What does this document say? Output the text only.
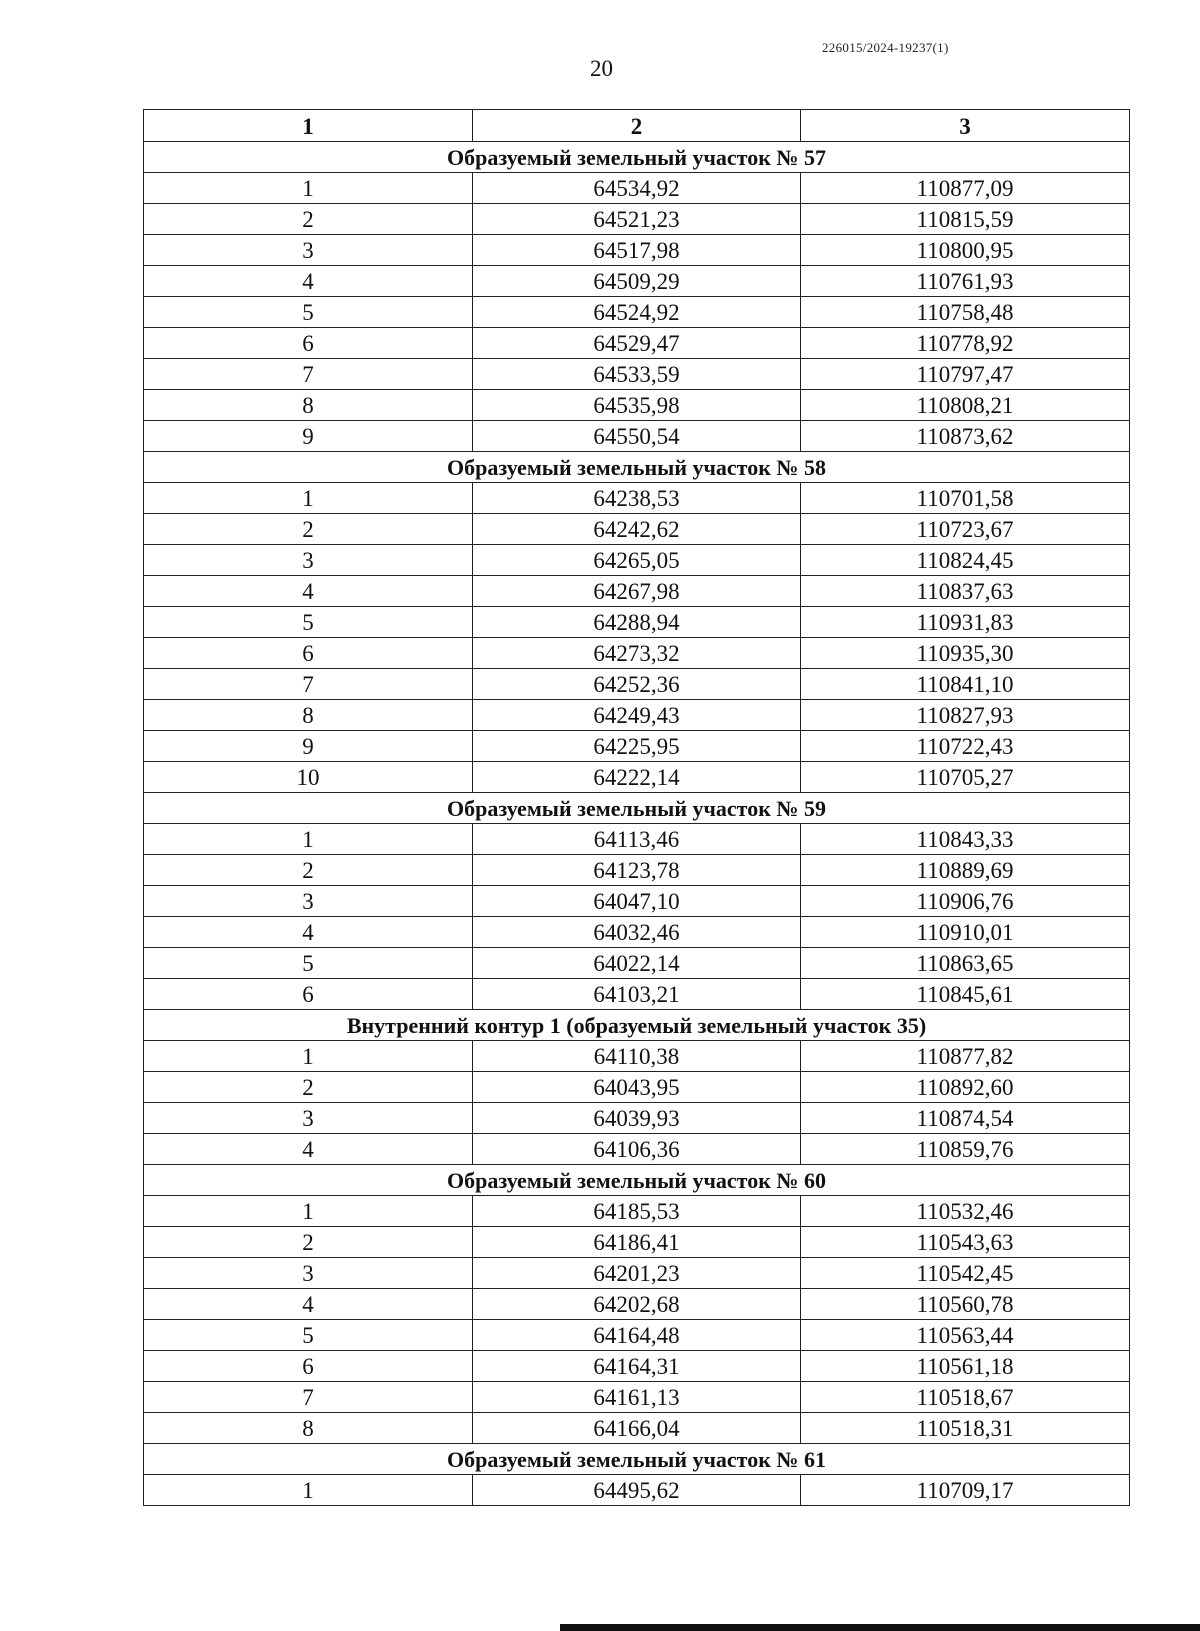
226015/2024-19237(1)
20
1	2	3
Образуемый земельный участок № 57		
1	64534,92	110877,09
2	64521,23	110815,59
3	64517,98	110800,95
4	64509,29	110761,93
5	64524,92	110758,48
6	64529,47	110778,92
7	64533,59	110797,47
8	64535,98	110808,21
9	64550,54	110873,62
Образуемый земельный участок № 58		
1	64238,53	110701,58
2	64242,62	110723,67
3	64265,05	110824,45
4	64267,98	110837,63
5	64288,94	110931,83
6	64273,32	110935,30
7	64252,36	110841,10
8	64249,43	110827,93
9	64225,95	110722,43
10	64222,14	110705,27
Образуемый земельный участок № 59		
1	64113,46	110843,33
2	64123,78	110889,69
3	64047,10	110906,76
4	64032,46	110910,01
5	64022,14	110863,65
6	64103,21	110845,61
Внутренний контур 1 (образуемый земельный участок 35)		
1	64110,38	110877,82
2	64043,95	110892,60
3	64039,93	110874,54
4	64106,36	110859,76
Образуемый земельный участок № 60		
1	64185,53	110532,46
2	64186,41	110543,63
3	64201,23	110542,45
4	64202,68	110560,78
5	64164,48	110563,44
6	64164,31	110561,18
7	64161,13	110518,67
8	64166,04	110518,31
Образуемый земельный участок № 61		
1	64495,62	110709,17
